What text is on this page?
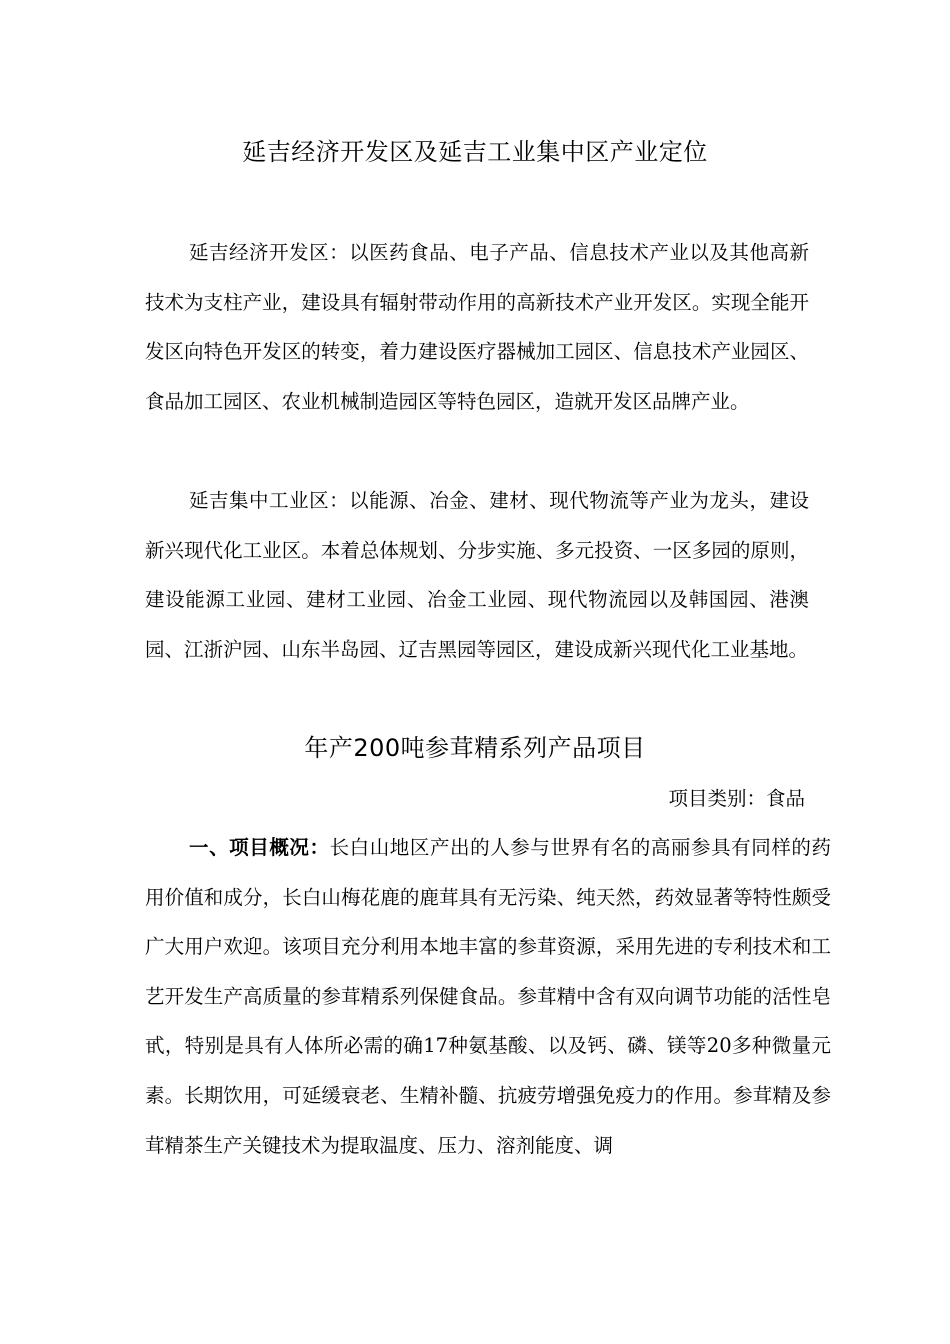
延吉经济开发区及延吉工业集中区产业定位

延吉经济开发区：以医药食品、电子产品、信息技术产业以及其他高新技术为支柱产业，建设具有辐射带动作用的高新技术产业开发区。实现全能开发区向特色开发区的转变，着力建设医疗器械加工园区、信息技术产业园区、食品加工园区、农业机械制造园区等特色园区，造就开发区品牌产业。

延吉集中工业区：以能源、冶金、建材、现代物流等产业为龙头，建设新兴现代化工业区。本着总体规划、分步实施、多元投资、一区多园的原则，建设能源工业园、建材工业园、冶金工业园、现代物流园以及韩国园、港澳园、江浙沪园、山东半岛园、辽吉黑园等园区，建设成新兴现代化工业基地。

年产200吨参茸精系列产品项目
项目类别：食品

一、项目概况：长白山地区产出的人参与世界有名的高丽参具有同样的药用价值和成分，长白山梅花鹿的鹿茸具有无污染、纯天然，药效显著等特性颇受广大用户欢迎。该项目充分利用本地丰富的参茸资源，采用先进的专利技术和工艺开发生产高质量的参茸精系列保健食品。参茸精中含有双向调节功能的活性皂甙，特别是具有人体所必需的确17种氨基酸、以及钙、磷、镁等20多种微量元素。长期饮用，可延缓衰老、生精补髓、抗疲劳增强免疫力的作用。参茸精及参茸精茶生产关键技术为提取温度、压力、溶剂能度、调
